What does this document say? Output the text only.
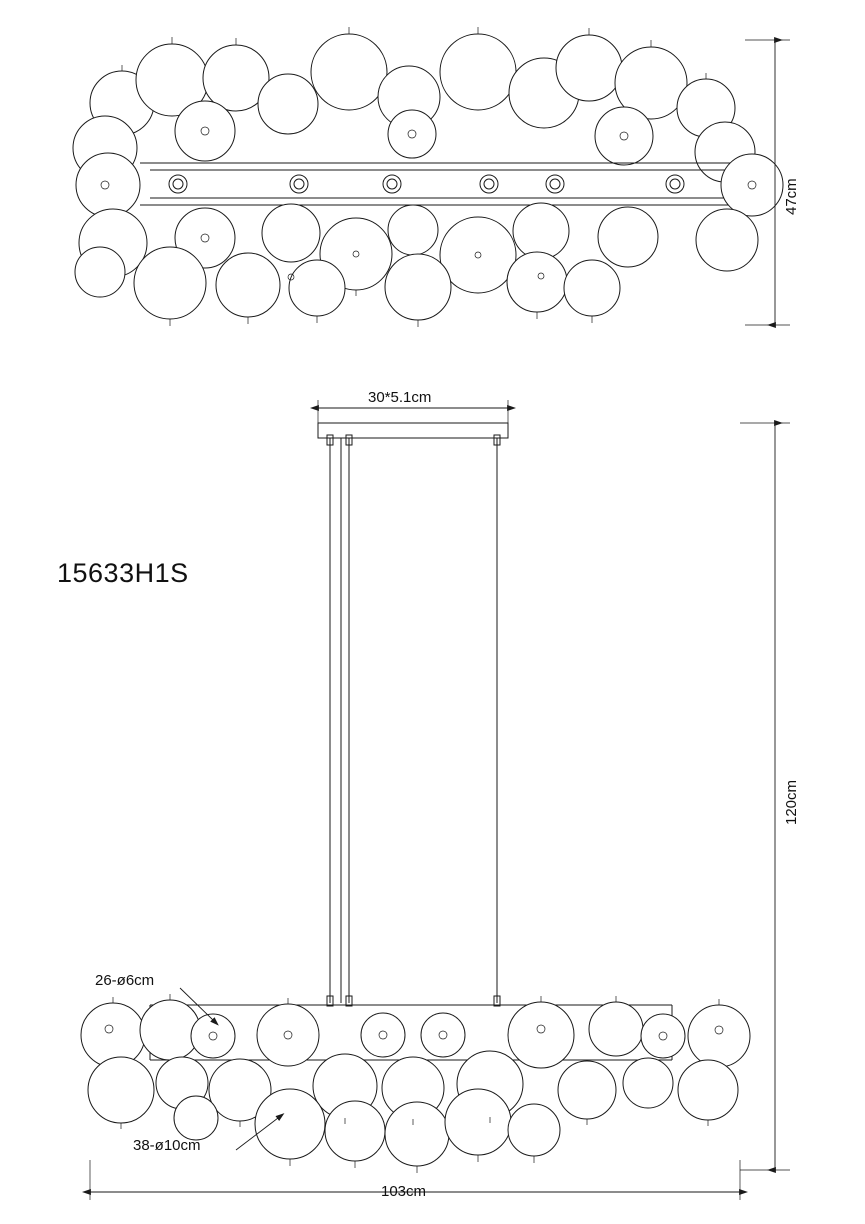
15633H1S
47cm
30*5.1cm
120cm
103cm
26-ø6cm
38-ø10cm
